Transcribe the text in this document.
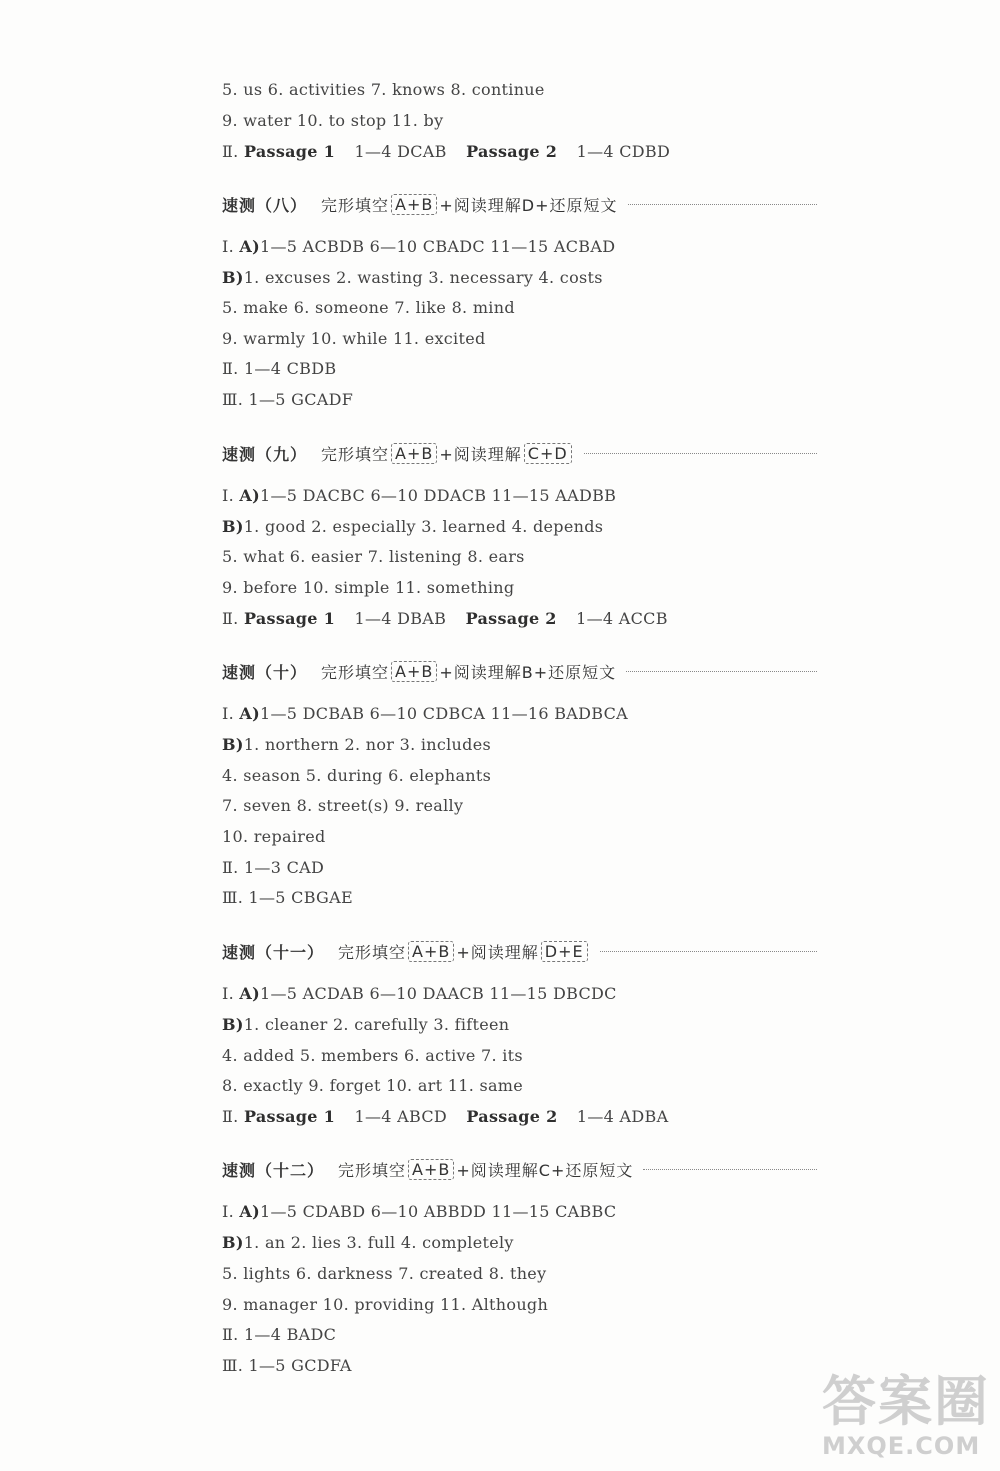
5. us 6. activities 7. knows 8. continue
9. water 10. to stop 11. by
Ⅱ. Passage 1 1—4 DCAB Passage 2 1—4 CDBD
速测（八） 完形填空 A+B +阅读理解 D+还原短文
Ⅰ. A)1—5 ACBDB 6—10 CBADC 11—15 ACBAD
B)1. excuses 2. wasting 3. necessary 4. costs
5. make 6. someone 7. like 8. mind
9. warmly 10. while 11. excited
Ⅱ. 1—4 CBDB
Ⅲ. 1—5 GCADF
速测（九） 完形填空 A+B +阅读理解 C+D
Ⅰ. A)1—5 DACBC 6—10 DDACB 11—15 AADBB
B)1. good 2. especially 3. learned 4. depends
5. what 6. easier 7. listening 8. ears
9. before 10. simple 11. something
Ⅱ. Passage 1 1—4 DBAB Passage 2 1—4 ACCB
速测（十） 完形填空 A+B +阅读理解 B+还原短文
Ⅰ. A)1—5 DCBAB 6—10 CDBCA 11—16 BADBCA
B)1. northern 2. nor 3. includes
4. season 5. during 6. elephants
7. seven 8. street(s) 9. really
10. repaired
Ⅱ. 1—3 CAD
Ⅲ. 1—5 CBGAE
速测（十一） 完形填空 A+B +阅读理解 D+E
Ⅰ. A)1—5 ACDAB 6—10 DAACB 11—15 DBCDC
B)1. cleaner 2. carefully 3. fifteen
4. added 5. members 6. active 7. its
8. exactly 9. forget 10. art 11. same
Ⅱ. Passage 1 1—4 ABCD Passage 2 1—4 ADBA
速测（十二） 完形填空 A+B +阅读理解 C+还原短文
Ⅰ. A)1—5 CDABD 6—10 ABBDD 11—15 CABBC
B)1. an 2. lies 3. full 4. completely
5. lights 6. darkness 7. created 8. they
9. manager 10. providing 11. Although
Ⅱ. 1—4 BADC
Ⅲ. 1—5 GCDFA
答案圈
MXQE.COM
